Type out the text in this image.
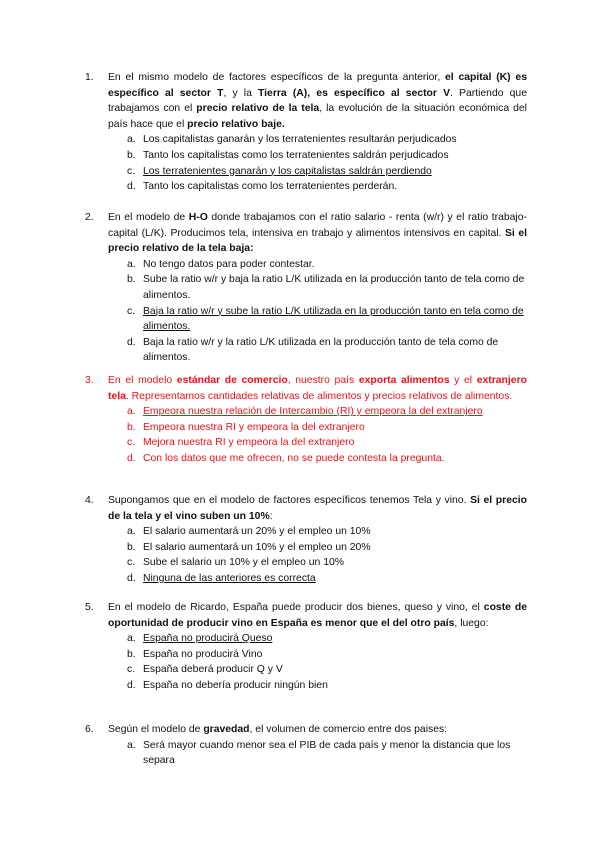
1. En el mismo modelo de factores específicos de la pregunta anterior, el capital (K) es específico al sector T, y la Tierra (A), es específico al sector V. Partiendo que trabajamos con el precio relativo de la tela, la evolución de la situación económica del país hace que el precio relativo baje.
a. Los capitalistas ganarán y los terratenientes resultarán perjudicados
b. Tanto los capitalistas como los terratenientes saldrán perjudicados
c. Los terratenientes ganarán y los capitalistas saldrán perdiendo
d. Tanto los capitalistas como los terratenientes perderán.
2. En el modelo de H-O donde trabajamos con el ratio salario - renta (w/r) y el ratio trabajo-capital (L/K). Producimos tela, intensiva en trabajo y alimentos intensivos en capital. Si el precio relativo de la tela baja:
a. No tengo datos para poder contestar.
b. Sube la ratio w/r y baja la ratio L/K utilizada en la producción tanto de tela como de alimentos.
c. Baja la ratio w/r y sube la ratio L/K utilizada en la producción tanto en tela como de alimentos.
d. Baja la ratio w/r y la ratio L/K utilizada en la producción tanto de tela como de alimentos.
3. En el modelo estándar de comercio, nuestro país exporta alimentos y el extranjero tela. Representamos cantidades relativas de alimentos y precios relativos de alimentos.
a. Empeora nuestra relación de Intercambio (RI) y empeora la del extranjero
b. Empeora nuestra RI y empeora la del extranjero
c. Mejora nuestra RI y empeora la del extranjero
d. Con los datos que me ofrecen, no se puede contesta la pregunta.
4. Supongamos que en el modelo de factores específicos tenemos Tela y vino. Si el precio de la tela y el vino suben un 10%:
a. El salario aumentará un 20% y el empleo un 10%
b. El salario aumentará un 10% y el empleo un 20%
c. Sube el salario un 10% y el empleo un 10%
d. Ninguna de las anteriores es correcta
5. En el modelo de Ricardo, España puede producir dos bienes, queso y vino, el coste de oportunidad de producir vino en España es menor que el del otro país, luego:
a. España no producirá Queso
b. España no producirá Vino
c. España deberá producir Q y V
d. España no debería producir ningún bien
6. Según el modelo de gravedad, el volumen de comercio entre dos paises:
a. Será mayor cuando menor sea el PIB de cada país y menor la distancia que los separa
